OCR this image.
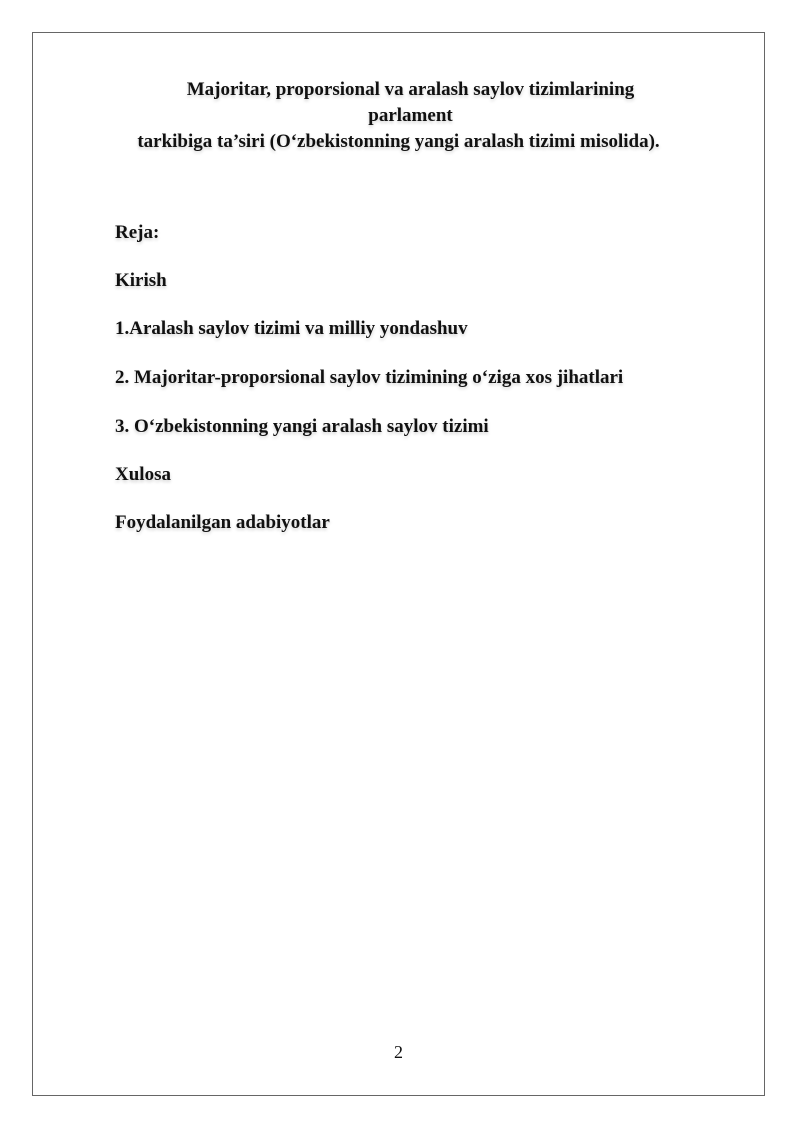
Majoritar, proporsional va aralash saylov tizimlarining
parlament
tarkibiga ta’siri (O‘zbekistonning yangi aralash tizimi misolida).
Reja:
Kirish
1.Aralash saylov tizimi va milliy yondashuv
2. Majoritar-proporsional saylov tizimining o‘ziga xos jihatlari
3. O‘zbekistonning yangi aralash saylov tizimi
Xulosa
Foydalanilgan adabiyotlar
2
